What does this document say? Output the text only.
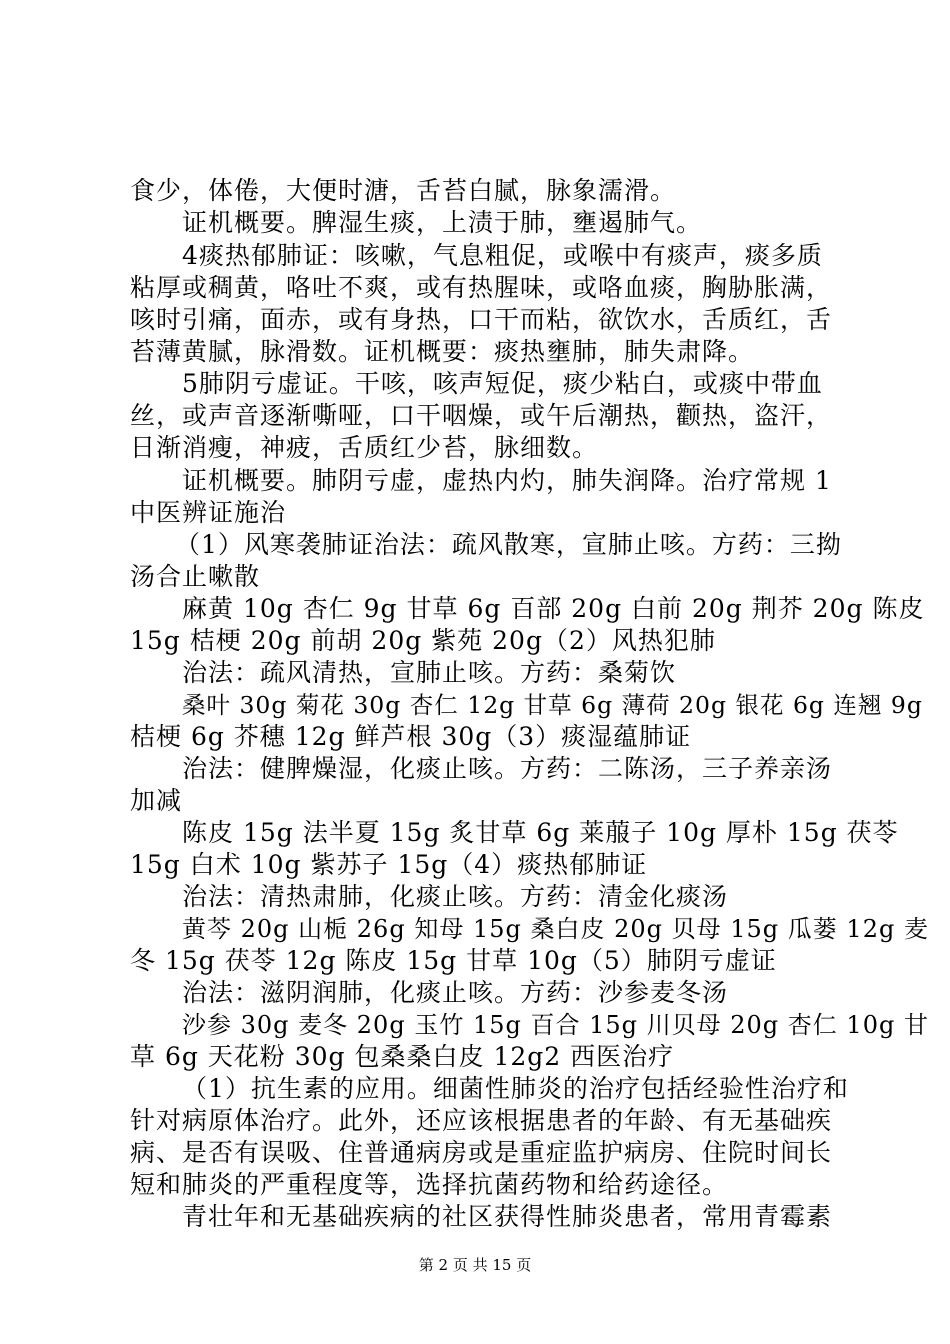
食少，体倦，大便时溏，舌苔白腻，脉象濡滑。
证机概要。脾湿生痰，上渍于肺，壅遏肺气。
4痰热郁肺证：咳嗽，气息粗促，或喉中有痰声，痰多质
粘厚或稠黄，咯吐不爽，或有热腥味，或咯血痰，胸胁胀满，
咳时引痛，面赤，或有身热，口干而粘，欲饮水，舌质红，舌
苔薄黄腻，脉滑数。证机概要：痰热壅肺，肺失肃降。
5肺阴亏虚证。干咳，咳声短促，痰少粘白，或痰中带血
丝，或声音逐渐嘶哑，口干咽燥，或午后潮热，颧热，盗汗，
日渐消瘦，神疲，舌质红少苔，脉细数。
证机概要。肺阴亏虚，虚热内灼，肺失润降。治疗常规 1
中医辨证施治
（1）风寒袭肺证治法：疏风散寒，宣肺止咳。方药：三拗
汤合止嗽散
麻黄 10g 杏仁 9g 甘草 6g 百部 20g 白前 20g 荆芥 20g 陈皮
15g 桔梗 20g 前胡 20g 紫苑 20g（2）风热犯肺
治法：疏风清热，宣肺止咳。方药：桑菊饮
桑叶 30g 菊花 30g 杏仁 12g 甘草 6g 薄荷 20g 银花 6g 连翘 9g
桔梗 6g 芥穗 12g 鲜芦根 30g（3）痰湿蕴肺证
治法：健脾燥湿，化痰止咳。方药：二陈汤，三子养亲汤
加减
陈皮 15g 法半夏 15g 炙甘草 6g 莱菔子 10g 厚朴 15g 茯苓
15g 白术 10g 紫苏子 15g（4）痰热郁肺证
治法：清热肃肺，化痰止咳。方药：清金化痰汤
黄芩 20g 山栀 26g 知母 15g 桑白皮 20g 贝母 15g 瓜蒌 12g 麦
冬 15g 茯苓 12g 陈皮 15g 甘草 10g（5）肺阴亏虚证
治法：滋阴润肺，化痰止咳。方药：沙参麦冬汤
沙参 30g 麦冬 20g 玉竹 15g 百合 15g 川贝母 20g 杏仁 10g 甘
草 6g 天花粉 30g 包桑桑白皮 12g2 西医治疗
（1）抗生素的应用。细菌性肺炎的治疗包括经验性治疗和
针对病原体治疗。此外，还应该根据患者的年龄、有无基础疾
病、是否有误吸、住普通病房或是重症监护病房、住院时间长
短和肺炎的严重程度等，选择抗菌药物和给药途径。
青壮年和无基础疾病的社区获得性肺炎患者，常用青霉素
第 2 页 共 15 页
